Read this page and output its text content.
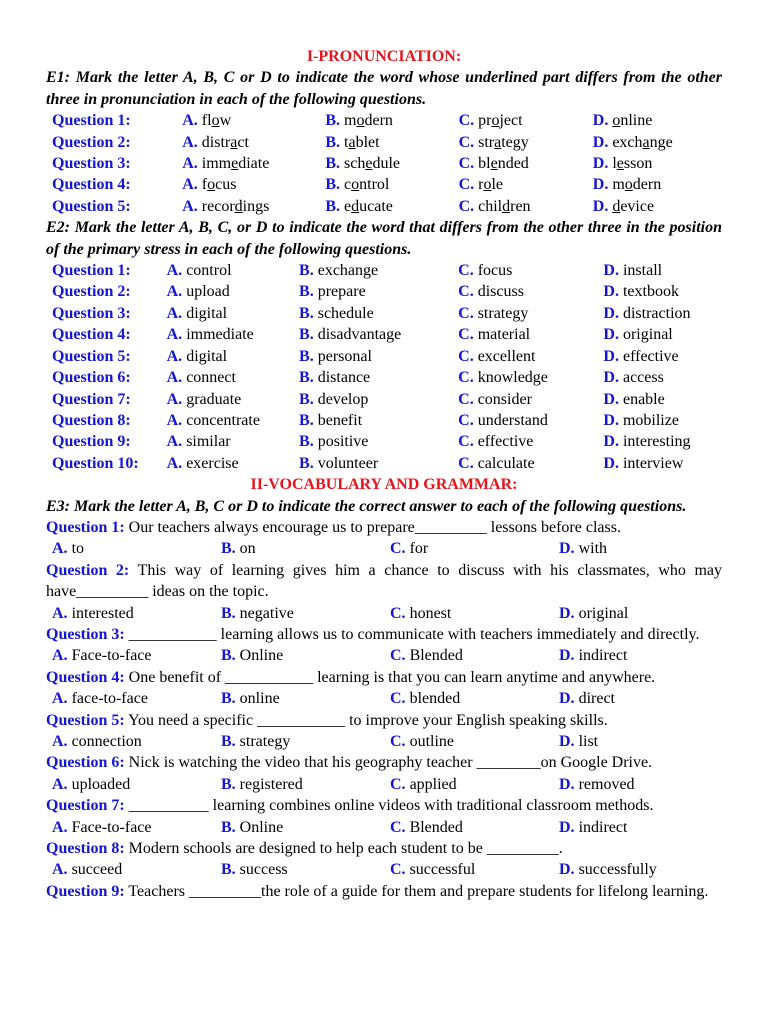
I-PRONUNCIATION:
E1: Mark the letter A, B, C or D to indicate the word whose underlined part differs from the other three in pronunciation in each of the following questions.
Question 1:	A. flow	B. modern	C. project	D. online
Question 2:	A. distract	B. tablet	C. strategy	D. exchange
Question 3:	A. immediate	B. schedule	C. blended	D. lesson
Question 4:	A. focus	B. control	C. role	D. modern
Question 5:	A. recordings	B. educate	C. children	D. device
E2: Mark the letter A, B, C, or D to indicate the word that differs from the other three in the position of the primary stress in each of the following questions.
Question 1:	A. control	B. exchange	C. focus	D. install
Question 2:	A. upload	B. prepare	C. discuss	D. textbook
Question 3:	A. digital	B. schedule	C. strategy	D. distraction
Question 4:	A. immediate	B. disadvantage	C. material	D. original
Question 5:	A. digital	B. personal	C. excellent	D. effective
Question 6:	A. connect	B. distance	C. knowledge	D. access
Question 7:	A. graduate	B. develop	C. consider	D. enable
Question 8:	A. concentrate	B. benefit	C. understand	D. mobilize
Question 9:	A. similar	B. positive	C. effective	D. interesting
Question 10:	A. exercise	B. volunteer	C. calculate	D. interview
II-VOCABULARY AND GRAMMAR:
E3: Mark the letter A, B, C or D to indicate the correct answer to each of the following questions.
Question 1: Our teachers always encourage us to prepare_________ lessons before class.
A. to	B. on	C. for	D. with
Question 2: This way of learning gives him a chance to discuss with his classmates, who may have_________ ideas on the topic.
A. interested	B. negative	C. honest	D. original
Question 3: ___________ learning allows us to communicate with teachers immediately and directly.
A. Face-to-face	B. Online	C. Blended	D. indirect
Question 4: One benefit of ___________ learning is that you can learn anytime and anywhere.
A. face-to-face	B. online	C. blended	D. direct
Question 5: You need a specific ___________ to improve your English speaking skills.
A. connection	B. strategy	C. outline	D. list
Question 6: Nick is watching the video that his geography teacher ________on Google Drive.
A. uploaded	B. registered	C. applied	D. removed
Question 7: __________ learning combines online videos with traditional classroom methods.
A. Face-to-face	B. Online	C. Blended	D. indirect
Question 8: Modern schools are designed to help each student to be _________.
A. succeed	B. success	C. successful	D. successfully
Question 9: Teachers _________the role of a guide for them and prepare students for lifelong learning.
